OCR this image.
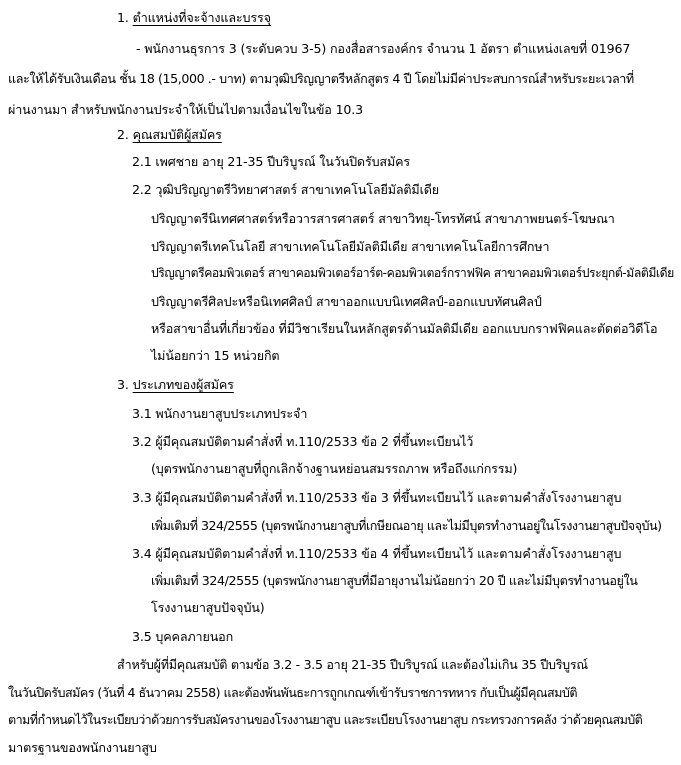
1. ตำแหน่งที่จะจ้างและบรรจุ
- พนักงานธุรการ 3 (ระดับควบ 3-5) กองสื่อสารองค์กร จำนวน 1 อัตรา ตำแหน่งเลขที่ 01967
และให้ได้รับเงินเดือน ชั้น 18 (15,000 .- บาท) ตามวุฒิปริญญาตรีหลักสูตร 4 ปี โดยไม่มีค่าประสบการณ์สำหรับระยะเวลาที่
ผ่านงานมา สำหรับพนักงานประจำให้เป็นไปตามเงื่อนไขในข้อ 10.3
2. คุณสมบัติผู้สมัคร
2.1 เพศชาย อายุ 21-35 ปีบริบูรณ์ ในวันปิดรับสมัคร
2.2 วุฒิปริญญาตรีวิทยาศาสตร์ สาขาเทคโนโลยีมัลติมีเดีย
ปริญญาตรีนิเทศศาสตร์หรือวารสารศาสตร์ สาขาวิทยุ-โทรทัศน์ สาขาภาพยนตร์-โฆษณา
ปริญญาตรีเทคโนโลยี สาขาเทคโนโลยีมัลติมีเดีย สาขาเทคโนโลยีการศึกษา
ปริญญาตรีคอมพิวเตอร์ สาขาคอมพิวเตอร์อาร์ต-คอมพิวเตอร์กราฟฟิค สาขาคอมพิวเตอร์ประยุกต์-มัลติมีเดีย
ปริญญาตรีศิลปะหรือนิเทศศิลป์ สาขาออกแบบนิเทศศิลป์-ออกแบบทัศนศิลป์
หรือสาขาอื่นที่เกี่ยวข้อง ที่มีวิชาเรียนในหลักสูตรด้านมัลติมีเดีย ออกแบบกราฟฟิคและตัดต่อวิดีโอ
ไม่น้อยกว่า 15 หน่วยกิต
3. ประเภทของผู้สมัคร
3.1 พนักงานยาสูบประเภทประจำ
3.2 ผู้มีคุณสมบัติตามคำสั่งที่ ท.110/2533 ข้อ 2 ที่ขึ้นทะเบียนไว้
(บุตรพนักงานยาสูบที่ถูกเลิกจ้างฐานหย่อนสมรรถภาพ หรือถึงแก่กรรม)
3.3 ผู้มีคุณสมบัติตามคำสั่งที่ ท.110/2533 ข้อ 3 ที่ขึ้นทะเบียนไว้ และตามคำสั่งโรงงานยาสูบ
เพิ่มเติมที่ 324/2555 (บุตรพนักงานยาสูบที่เกษียณอายุ และไม่มีบุตรทำงานอยู่ในโรงงานยาสูบปัจจุบัน)
3.4 ผู้มีคุณสมบัติตามคำสั่งที่ ท.110/2533 ข้อ 4 ที่ขึ้นทะเบียนไว้ และตามคำสั่งโรงงานยาสูบ
เพิ่มเติมที่ 324/2555 (บุตรพนักงานยาสูบที่มีอายุงานไม่น้อยกว่า 20 ปี และไม่มีบุตรทำงานอยู่ใน
โรงงานยาสูบปัจจุบัน)
3.5 บุคคลภายนอก
สำหรับผู้ที่มีคุณสมบัติ ตามข้อ 3.2 - 3.5 อายุ 21-35 ปีบริบูรณ์ และต้องไม่เกิน 35 ปีบริบูรณ์
ในวันปิดรับสมัคร (วันที่ 4 ธันวาคม 2558) และต้องพ้นพันธะการถูกเกณฑ์เข้ารับราชการทหาร กับเป็นผู้มีคุณสมบัติ
ตามที่กำหนดไว้ในระเบียบว่าด้วยการรับสมัครงานของโรงงานยาสูบ และระเบียบโรงงานยาสูบ กระทรวงการคลัง ว่าด้วยคุณสมบัติ
มาตรฐานของพนักงานยาสูบ
